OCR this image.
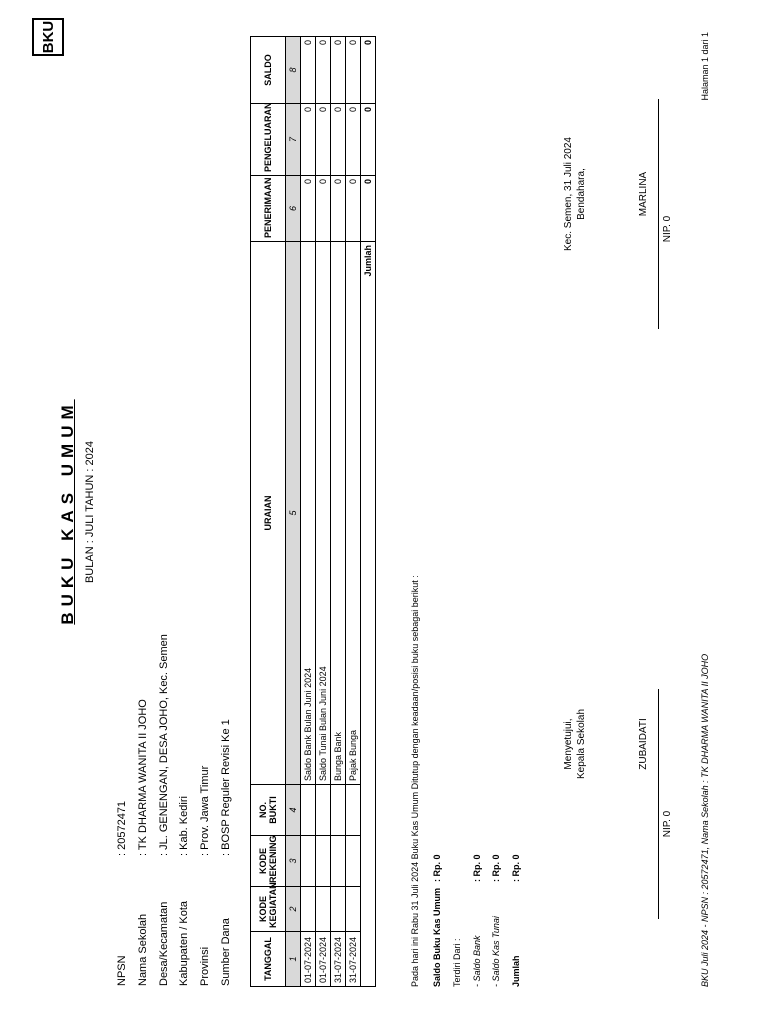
BKU
BUKU KAS UMUM BULAN : JULI TAHUN : 2024
NPSN: 20572471
Nama Sekolah: TK DHARMA WANITA II JOHO
Desa/Kecamatan: JL. GENENGAN, DESA JOHO, Kec. Semen
Kabupaten / Kota: Kab. Kediri
Provinsi: Prov. Jawa Timur
Sumber Dana: BOSP Reguler Revisi Ke 1
TANGGAL	KODE KEGIATAN	KODE REKENING	NO. BUKTI	URAIAN	PENERIMAAN	PENGELUARAN	SALDO
1	2	3	4	5	6	7	8
01-07-2024				Saldo Bank Bulan Juni 2024	0	0	0
01-07-2024				Saldo Tunai Bulan Juni 2024	0	0	0
31-07-2024				Bunga Bank	0	0	0
31-07-2024				Pajak Bunga	0	0	0
Jumlah					0	0	0
Pada hari ini Rabu 31 Juli 2024 Buku Kas Umum Ditutup dengan keadaan/posisi buku sebagai berikut : Saldo Buku Kas Umum
: Rp. 0
Terdiri Dari : - Saldo Bank
: Rp. 0
- Saldo Kas Tunai
: Rp. 0
Jumlah
: Rp. 0
Menyetujui, Kepala Sekolah	ZUBAIDATI
NIP. 0
Kec. Semen, 31 Juli 2024 Bendahara,	MARLINA
NIP. 0
BKU Juli 2024 - NPSN : 20572471, Nama Sekolah : TK DHARMA WANITA II JOHO
Halaman 1 dari 1
